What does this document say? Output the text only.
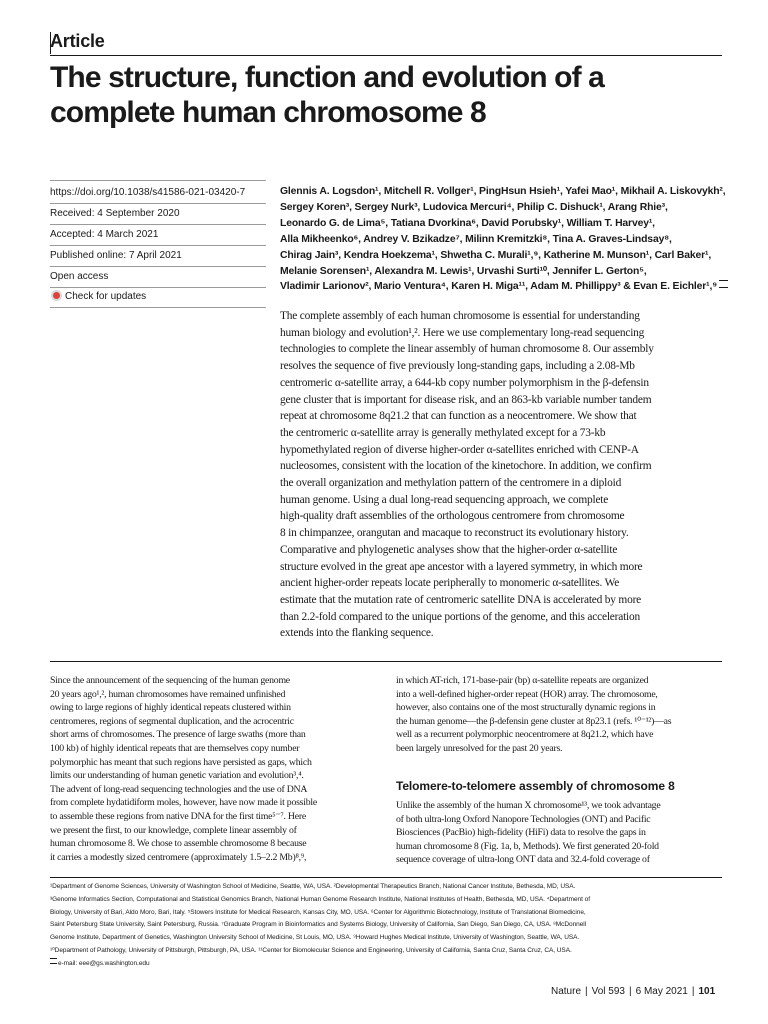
Article
The structure, function and evolution of a
complete human chromosome 8
https://doi.org/10.1038/s41586-021-03420-7
Received: 4 September 2020
Accepted: 4 March 2021
Published online: 7 April 2021
Open access
Check for updates
Glennis A. Logsdon¹, Mitchell R. Vollger¹, PingHsun Hsieh¹, Yafei Mao¹, Mikhail A. Liskovykh²,
Sergey Koren³, Sergey Nurk³, Ludovica Mercuri⁴, Philip C. Dishuck¹, Arang Rhie³,
Leonardo G. de Lima⁵, Tatiana Dvorkina⁶, David Porubsky¹, William T. Harvey¹,
Alla Mikheenko⁶, Andrey V. Bzikadze⁷, Milinn Kremitzki⁸, Tina A. Graves-Lindsay⁸,
Chirag Jain³, Kendra Hoekzema¹, Shwetha C. Murali¹,⁹, Katherine M. Munson¹, Carl Baker¹,
Melanie Sorensen¹, Alexandra M. Lewis¹, Urvashi Surti¹⁰, Jennifer L. Gerton⁵,
Vladimir Larionov², Mario Ventura⁴, Karen H. Miga¹¹, Adam M. Phillippy³ & Evan E. Eichler¹,⁹
The complete assembly of each human chromosome is essential for understanding
human biology and evolution¹,². Here we use complementary long-read sequencing
technologies to complete the linear assembly of human chromosome 8. Our assembly
resolves the sequence of five previously long-standing gaps, including a 2.08-Mb
centromeric α-satellite array, a 644-kb copy number polymorphism in the β-defensin
gene cluster that is important for disease risk, and an 863-kb variable number tandem
repeat at chromosome 8q21.2 that can function as a neocentromere. We show that
the centromeric α-satellite array is generally methylated except for a 73-kb
hypomethylated region of diverse higher-order α-satellites enriched with CENP-A
nucleosomes, consistent with the location of the kinetochore. In addition, we confirm
the overall organization and methylation pattern of the centromere in a diploid
human genome. Using a dual long-read sequencing approach, we complete
high-quality draft assemblies of the orthologous centromere from chromosome
8 in chimpanzee, orangutan and macaque to reconstruct its evolutionary history.
Comparative and phylogenetic analyses show that the higher-order α-satellite
structure evolved in the great ape ancestor with a layered symmetry, in which more
ancient higher-order repeats locate peripherally to monomeric α-satellites. We
estimate that the mutation rate of centromeric satellite DNA is accelerated by more
than 2.2-fold compared to the unique portions of the genome, and this acceleration
extends into the flanking sequence.
Since the announcement of the sequencing of the human genome
20 years ago¹,², human chromosomes have remained unfinished
owing to large regions of highly identical repeats clustered within
centromeres, regions of segmental duplication, and the acrocentric
short arms of chromosomes. The presence of large swaths (more than
100 kb) of highly identical repeats that are themselves copy number
polymorphic has meant that such regions have persisted as gaps, which
limits our understanding of human genetic variation and evolution³,⁴.
The advent of long-read sequencing technologies and the use of DNA
from complete hydatidiform moles, however, have now made it possible
to assemble these regions from native DNA for the first time⁵⁻⁷. Here
we present the first, to our knowledge, complete linear assembly of
human chromosome 8. We chose to assemble chromosome 8 because
it carries a modestly sized centromere (approximately 1.5–2.2 Mb)⁸,⁹,
in which AT-rich, 171-base-pair (bp) α-satellite repeats are organized
into a well-defined higher-order repeat (HOR) array. The chromosome,
however, also contains one of the most structurally dynamic regions in
the human genome—the β-defensin gene cluster at 8p23.1 (refs. ¹⁰⁻¹²)—as
well as a recurrent polymorphic neocentromere at 8q21.2, which have
been largely unresolved for the past 20 years.
Telomere-to-telomere assembly of chromosome 8
Unlike the assembly of the human X chromosome¹³, we took advantage
of both ultra-long Oxford Nanopore Technologies (ONT) and Pacific
Biosciences (PacBio) high-fidelity (HiFi) data to resolve the gaps in
human chromosome 8 (Fig. 1a, b, Methods). We first generated 20-fold
sequence coverage of ultra-long ONT data and 32.4-fold coverage of
¹Department of Genome Sciences, University of Washington School of Medicine, Seattle, WA, USA. ²Developmental Therapeutics Branch, National Cancer Institute, Bethesda, MD, USA.
³Genome Informatics Section, Computational and Statistical Genomics Branch, National Human Genome Research Institute, National Institutes of Health, Bethesda, MD, USA. ⁴Department of
Biology, University of Bari, Aldo Moro, Bari, Italy. ⁵Stowers Institute for Medical Research, Kansas City, MO, USA. ⁶Center for Algorithmic Biotechnology, Institute of Translational Biomedicine,
Saint Petersburg State University, Saint Petersburg, Russia. ⁷Graduate Program in Bioinformatics and Systems Biology, University of California, San Diego, San Diego, CA, USA. ⁸McDonnell
Genome Institute, Department of Genetics, Washington University School of Medicine, St Louis, MO, USA. ⁹Howard Hughes Medical Institute, University of Washington, Seattle, WA, USA.
¹⁰Department of Pathology, University of Pittsburgh, Pittsburgh, PA, USA. ¹¹Center for Biomolecular Science and Engineering, University of California, Santa Cruz, Santa Cruz, CA, USA.
e-mail: eee@gs.washington.edu
Nature | Vol 593 | 6 May 2021 | 101
